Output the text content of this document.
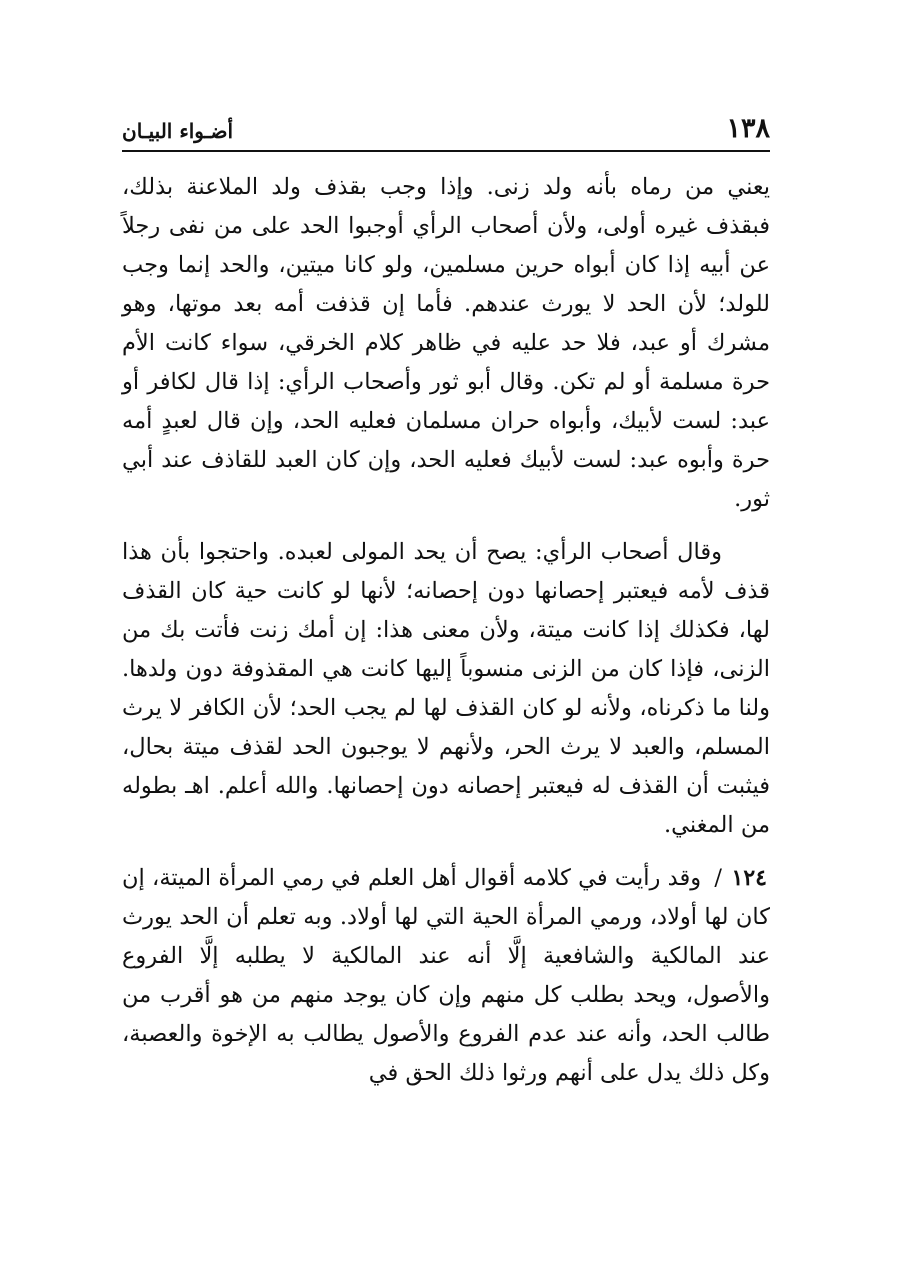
١٣٨
أضـواء البيـان

يعني من رماه بأنه ولد زنى. وإذا وجب بقذف ولد الملاعنة بذلك، فبقذف غيره أولى، ولأن أصحاب الرأي أوجبوا الحد على من نفى رجلاً عن أبيه إذا كان أبواه حرين مسلمين، ولو كانا ميتين، والحد إنما وجب للولد؛ لأن الحد لا يورث عندهم. فأما إن قذفت أمه بعد موتها، وهو مشرك أو عبد، فلا حد عليه في ظاهر كلام الخرقي، سواء كانت الأم حرة مسلمة أو لم تكن. وقال أبو ثور وأصحاب الرأي: إذا قال لكافر أو عبد: لست لأبيك، وأبواه حران مسلمان فعليه الحد، وإن قال لعبدٍ أمه حرة وأبوه عبد: لست لأبيك فعليه الحد، وإن كان العبد للقاذف عند أبي ثور.

وقال أصحاب الرأي: يصح أن يحد المولى لعبده. واحتجوا بأن هذا قذف لأمه فيعتبر إحصانها دون إحصانه؛ لأنها لو كانت حية كان القذف لها، فكذلك إذا كانت ميتة، ولأن معنى هذا: إن أمك زنت فأتت بك من الزنى، فإذا كان من الزنى منسوباً إليها كانت هي المقذوفة دون ولدها. ولنا ما ذكرناه، ولأنه لو كان القذف لها لم يجب الحد؛ لأن الكافر لا يرث المسلم، والعبد لا يرث الحر، ولأنهم لا يوجبون الحد لقذف ميتة بحال، فيثبت أن القذف له فيعتبر إحصانه دون إحصانها. والله أعلم. اهـ بطوله من المغني.

١٢٤
/ وقد رأيت في كلامه أقوال أهل العلم في رمي المرأة الميتة، إن كان لها أولاد، ورمي المرأة الحية التي لها أولاد. وبه تعلم أن الحد يورث عند المالكية والشافعية إلَّا أنه عند المالكية لا يطلبه إلَّا الفروع والأصول، ويحد بطلب كل منهم وإن كان يوجد منهم من هو أقرب من طالب الحد، وأنه عند عدم الفروع والأصول يطالب به الإخوة والعصبة، وكل ذلك يدل على أنهم ورثوا ذلك الحق في
